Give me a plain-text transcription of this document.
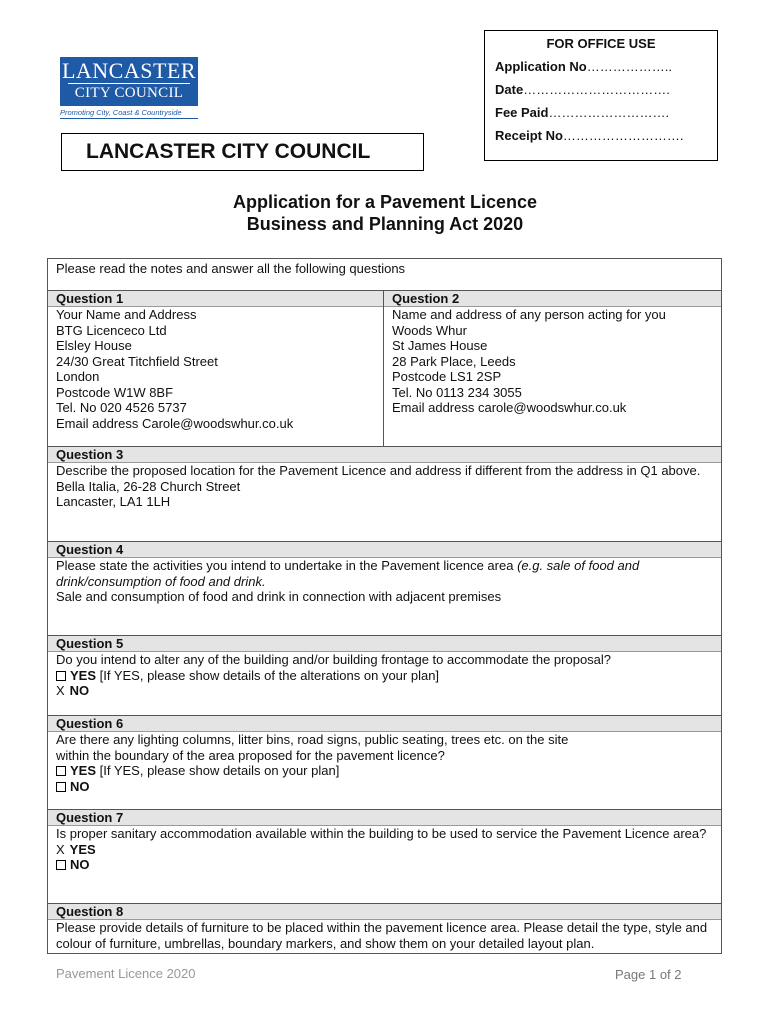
LANCASTER
CITY COUNCIL
Promoting City, Coast & Countryside
LANCASTER CITY COUNCIL
FOR OFFICE USE
Application No………………..
Date…………………………….
Fee Paid……………………….
Receipt No……………………….
Application for a Pavement Licence
Business and Planning Act 2020
Please read the notes and answer all the following questions
Question 1
Your Name and Address
BTG Licenceco Ltd
Elsley House
24/30 Great Titchfield Street
London
Postcode W1W 8BF
Tel. No 020 4526 5737
Email address Carole@woodswhur.co.uk
Question 2
Name and address of any person acting for you
Woods Whur
St James House
28 Park Place, Leeds
Postcode LS1 2SP
Tel. No 0113 234 3055
Email address carole@woodswhur.co.uk
Question 3
Describe the proposed location for the Pavement Licence and address if different from the address in Q1 above.
Bella Italia, 26-28 Church Street
Lancaster, LA1 1LH
Question 4
Please state the activities you intend to undertake in the Pavement licence area (e.g. sale of food and drink/consumption of food and drink.
Sale and consumption of food and drink in connection with adjacent premises
Question 5
Do you intend to alter any of the building and/or building frontage to accommodate the proposal?
YES [If YES, please show details of the alterations on your plan]
X NO
Question 6
Are there any lighting columns, litter bins, road signs, public seating, trees etc. on the site
within the boundary of the area proposed for the pavement licence?
YES [If YES, please show details on your plan]
NO
Question 7
Is proper sanitary accommodation available within the building to be used to service the Pavement Licence area?
X YES
NO
Question 8
Please provide details of furniture to be placed within the pavement licence area. Please detail the type, style and colour of furniture, umbrellas, boundary markers, and show them on your detailed layout plan.
Pavement Licence 2020	Page 1 of 2
